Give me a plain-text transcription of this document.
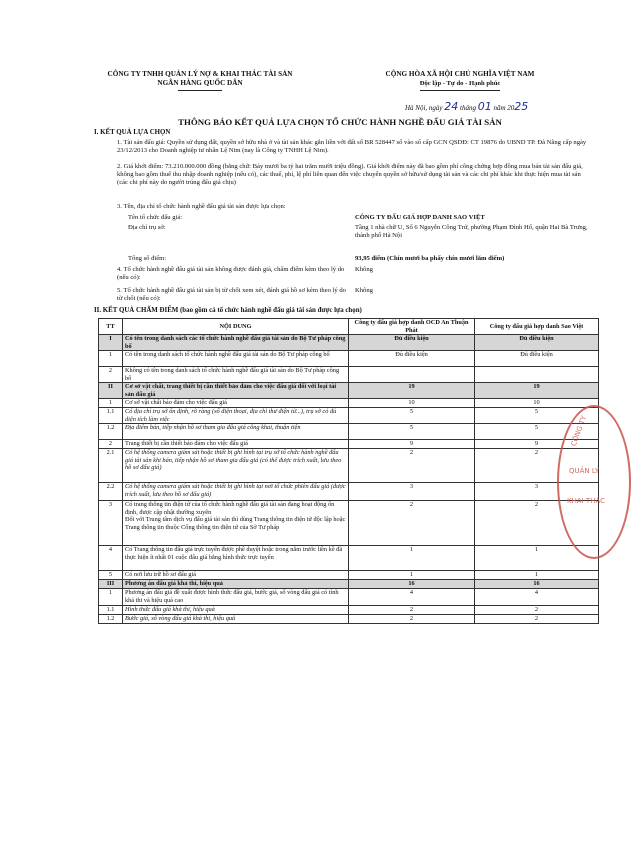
CÔNG TY TNHH QUẢN LÝ NỢ & KHAI THÁC TÀI SẢN
NGÂN HÀNG QUỐC DÂN
CỘNG HÒA XÃ HỘI CHỦ NGHĨA VIỆT NAM
Độc lập - Tự do - Hạnh phúc
Hà Nội, ngày 24 tháng 01 năm 2025
THÔNG BÁO KẾT QUẢ LỰA CHỌN TỔ CHỨC HÀNH NGHỀ ĐẤU GIÁ TÀI SẢN
I. KẾT QUẢ LỰA CHỌN
1. Tài sản đấu giá: Quyền sử dụng đất, quyền sở hữu nhà ở và tài sản khác gắn liền với đất số BR 528447 số vào sổ cấp GCN QSDĐ: CT 19876 do UBND TP. Đà Nẵng cấp ngày 23/12/2013 cho Doanh nghiệp tư nhân Lệ Nim (nay là Công ty TNHH Lệ Nim).
2. Giá khởi điểm: 73.210.000.000 đồng (bằng chữ: Bảy mươi ba tỷ hai trăm mười triệu đồng). Giá khởi điểm này đã bao gồm phí công chứng hợp đồng mua bán tài sản đấu giá, không bao gồm thuế thu nhập doanh nghiệp (nếu có), các thuế, phí, lệ phí liên quan đến việc chuyển quyền sở hữu/sử dụng tài sản và các chi phí khác khi thực hiện mua tài sản (các chi phí này do người trúng đấu giá chịu)
3. Tên, địa chỉ tổ chức hành nghề đấu giá tài sản được lựa chọn:
Tên tổ chức đấu giá:	CÔNG TY ĐẤU GIÁ HỢP DANH SAO VIỆT
Địa chỉ trụ sở:	Tầng 1 nhà chữ U, Số 6 Nguyễn Công Trứ, phường Phạm Đình Hổ, quận Hai Bà Trưng, thành phố Hà Nội
Tổng số điểm:	93,95 điểm (Chín mươi ba phẩy chín mươi lăm điểm)
4. Tổ chức hành nghề đấu giá tài sản không được đánh giá, chấm điểm kèm theo lý do (nếu có):
Không
5. Tổ chức hành nghề đấu giá tài sản bị từ chối xem xét, đánh giá hồ sơ kèm theo lý do từ chối (nếu có):
Không
II. KẾT QUẢ CHẤM ĐIỂM (bao gồm cả tổ chức hành nghề đấu giá tài sản được lựa chọn)
TT	NỘI DUNG	Công ty đấu giá hợp danh OCD An Thuận Phát	Công ty đấu giá hợp danh Sao Việt
I	Có tên trong danh sách các tổ chức hành nghề đấu giá tài sản do Bộ Tư pháp công bố	Đủ điều kiện	Đủ điều kiện
1	Có tên trong danh sách tổ chức hành nghề đấu giá tài sản do Bộ Tư pháp công bố	Đủ điều kiện	Đủ điều kiện
2	Không có tên trong danh sách tổ chức hành nghề đấu giá tài sản do Bộ Tư pháp công bố		
II	Cơ sở vật chất, trang thiết bị cần thiết bảo đảm cho việc đấu giá đối với loại tài sản đấu giá	19	19
1	Cơ sở vật chất bảo đảm cho việc đấu giá	10	10
1.1	Có địa chỉ trụ sở ổn định, rõ ràng (số điện thoại, địa chỉ thư điện tử...), trụ sở có đủ diện tích làm việc	5	5
1.2	Địa điểm bán, tiếp nhận hồ sơ tham gia đấu giá công khai, thuận tiện	5	5
2	Trang thiết bị cần thiết bảo đảm cho việc đấu giá	9	9
2.1	Có hệ thống camera giám sát hoặc thiết bị ghi hình tại trụ sở tổ chức hành nghề đấu giá tài sản khi bán, tiếp nhận hồ sơ tham gia đấu giá (có thể được trích xuất, lưu theo hồ sơ đấu giá)	2	2
2.2	Có hệ thống camera giám sát hoặc thiết bị ghi hình tại nơi tổ chức phiên đấu giá (được trích xuất, lưu theo hồ sơ đấu giá)	3	3
3	Có trang thông tin điện tử của tổ chức hành nghề đấu giá tài sản đang hoạt động ổn định, được cập nhật thường xuyên
Đối với Trung tâm dịch vụ đấu giá tài sản thì dùng Trang thông tin điện tử độc lập hoặc Trang thông tin thuộc Cổng thông tin điện tử của Sở Tư pháp	2	2
4	Có Trang thông tin đấu giá trực tuyến được phê duyệt hoặc trong năm trước liền kề đã thực hiện ít nhất 01 cuộc đấu giá bằng hình thức trực tuyến	1	1
5	Có nơi lưu trữ hồ sơ đấu giá	1	1
III	Phương án đấu giá khả thi, hiệu quả	16	16
1	Phương án đấu giá đề xuất được hình thức đấu giá, bước giá, số vòng đấu giá có tính khả thi và hiệu quả cao	4	4
1.1	Hình thức đấu giá khả thi, hiệu quả	2	2
1.2	Bước giá, số vòng đấu giá khả thi, hiệu quả	2	2
CÔNG TY
QUẢN LÝ
KHAI THÁC
